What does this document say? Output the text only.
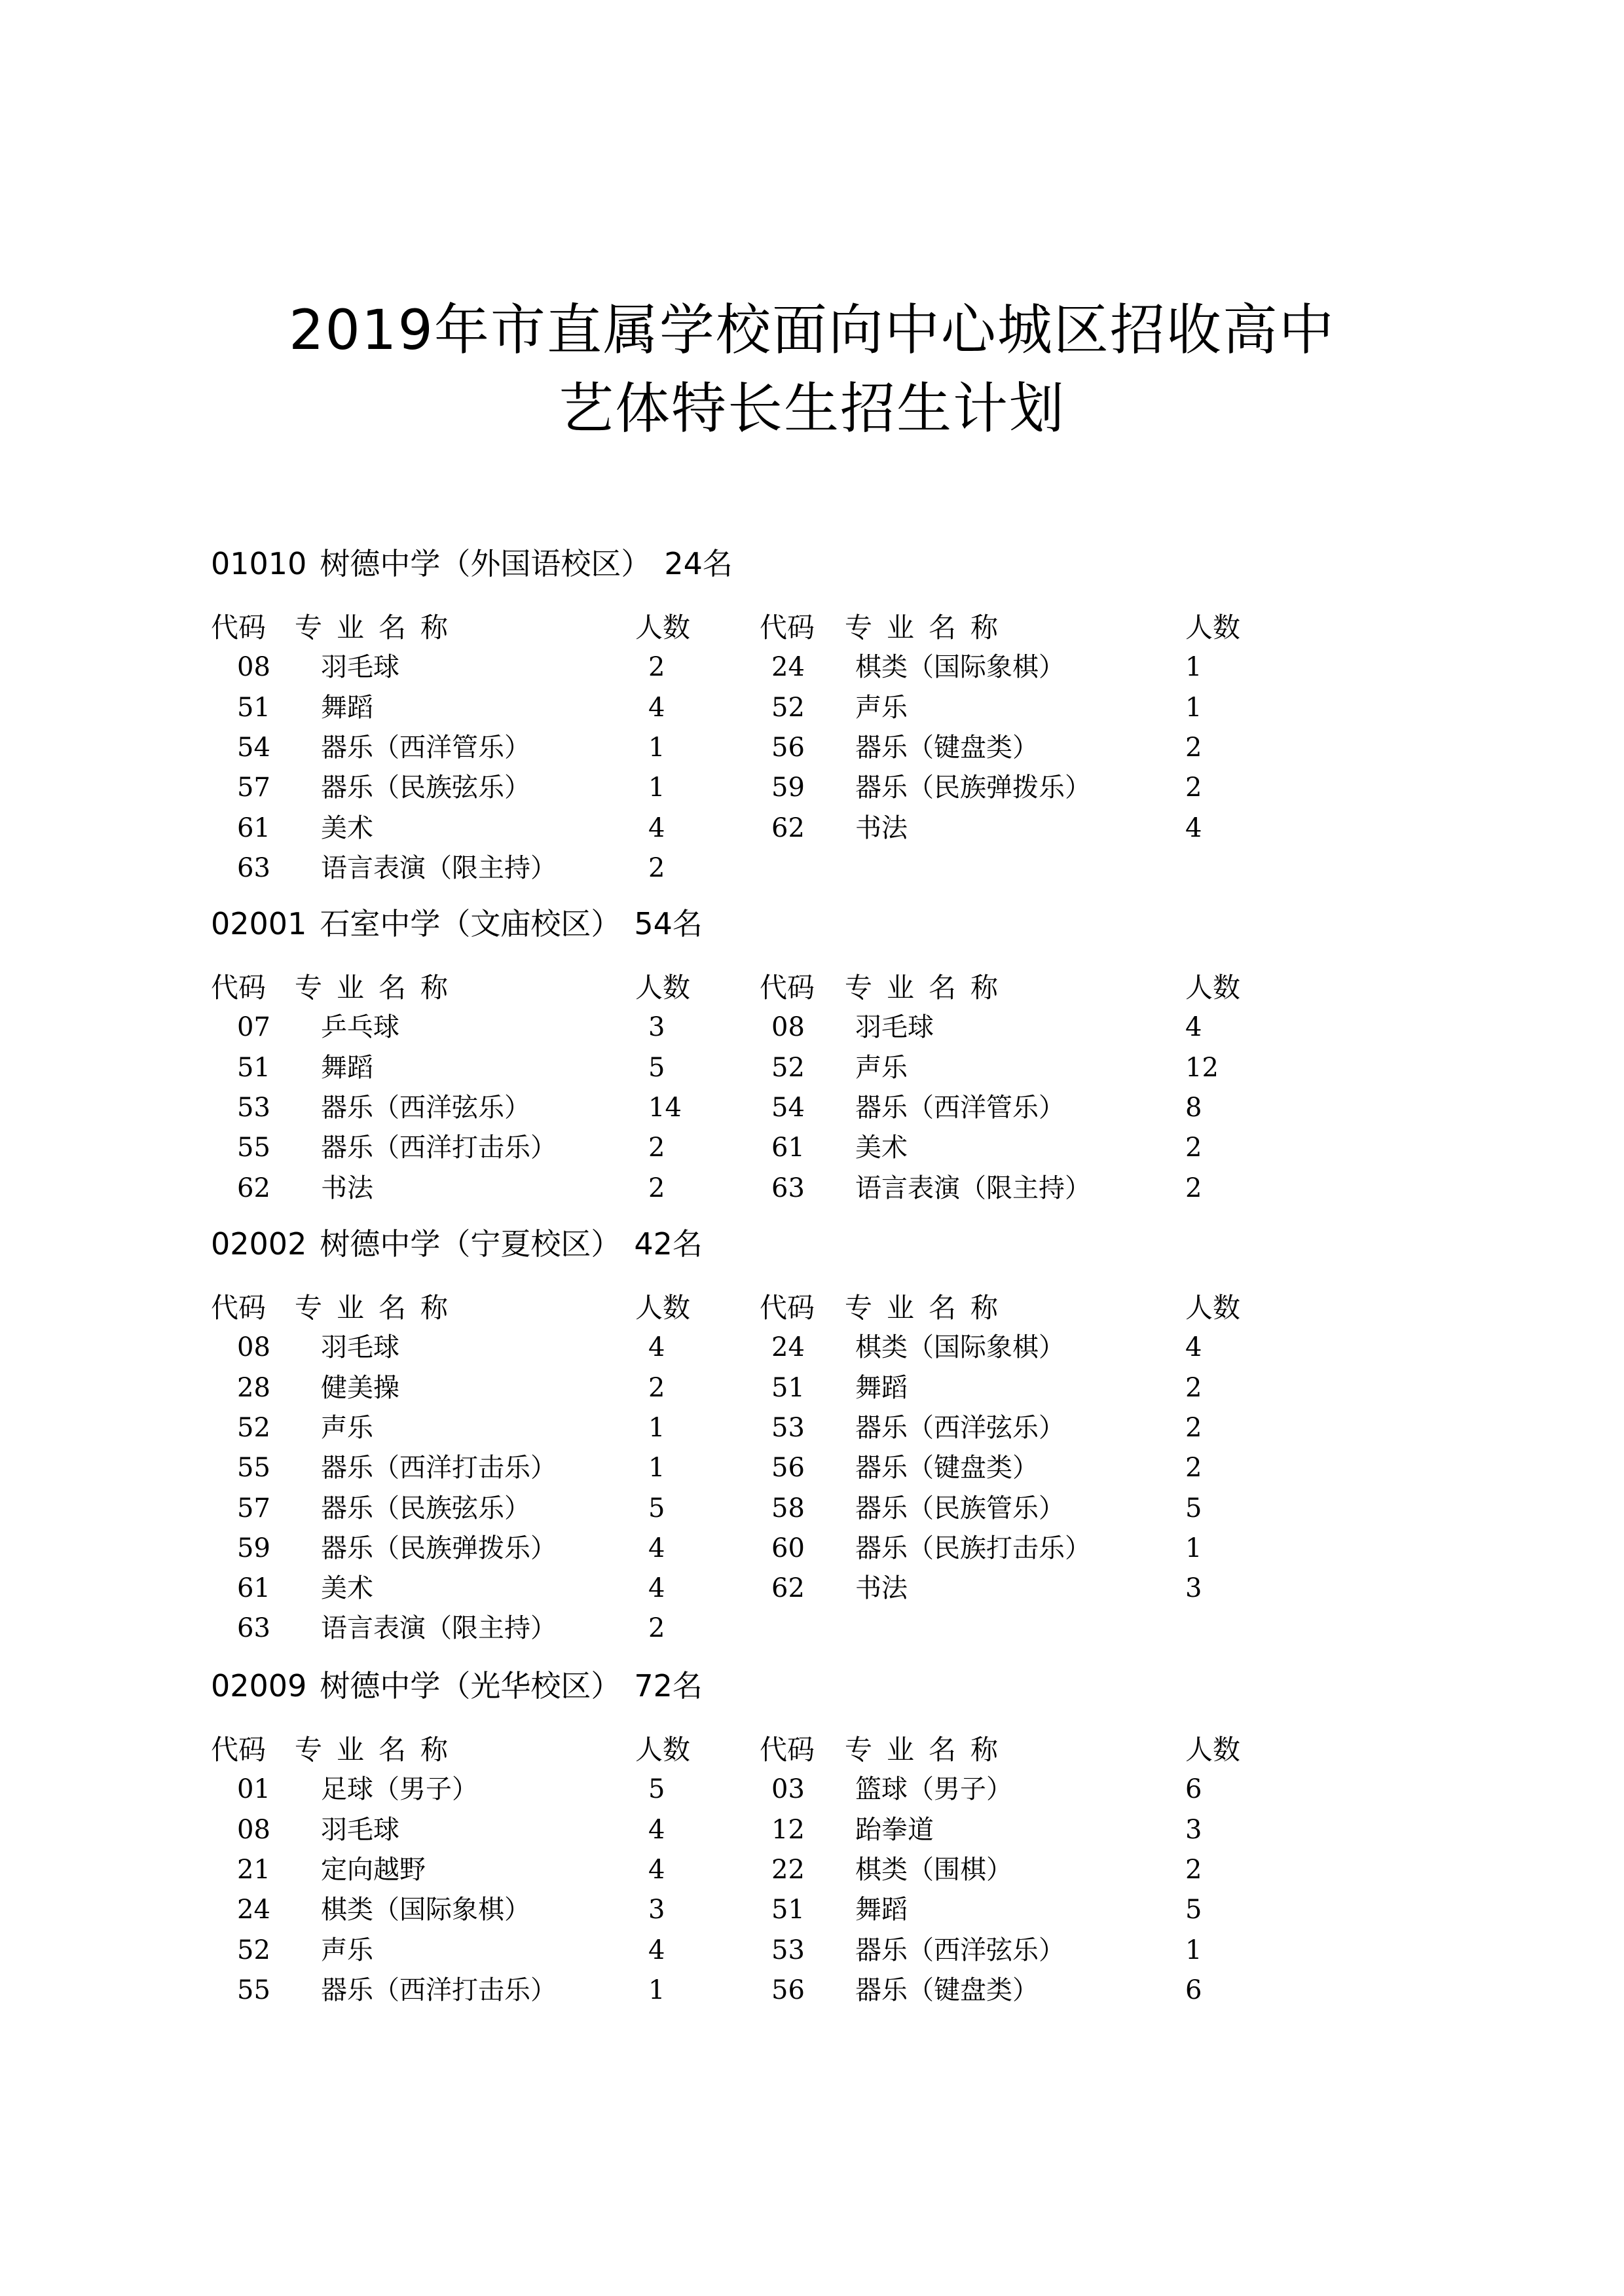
2019年市直属学校面向中心城区招收高中
艺体特长生招生计划
01010 树德中学（外国语校区） 24名
代码 专业名称	人数	代码 专业名称	人数
08 羽毛球	2	24 棋类（国际象棋）	1
51 舞蹈	4	52 声乐	1
54 器乐（西洋管乐）	1	56 器乐（键盘类）	2
57 器乐（民族弦乐）	1	59 器乐（民族弹拨乐）	2
61 美术	4	62 书法	4
63 语言表演（限主持）	2
02001 石室中学（文庙校区） 54名
代码 专业名称	人数	代码 专业名称	人数
07 乒乓球	3	08 羽毛球	4
51 舞蹈	5	52 声乐	12
53 器乐（西洋弦乐）	14	54 器乐（西洋管乐）	8
55 器乐（西洋打击乐）	2	61 美术	2
62 书法	2	63 语言表演（限主持）	2
02002 树德中学（宁夏校区） 42名
代码 专业名称	人数	代码 专业名称	人数
08 羽毛球	4	24 棋类（国际象棋）	4
28 健美操	2	51 舞蹈	2
52 声乐	1	53 器乐（西洋弦乐）	2
55 器乐（西洋打击乐）	1	56 器乐（键盘类）	2
57 器乐（民族弦乐）	5	58 器乐（民族管乐）	5
59 器乐（民族弹拨乐）	4	60 器乐（民族打击乐）	1
61 美术	4	62 书法	3
63 语言表演（限主持）	2
02009 树德中学（光华校区） 72名
代码 专业名称	人数	代码 专业名称	人数
01 足球（男子）	5	03 篮球（男子）	6
08 羽毛球	4	12 跆拳道	3
21 定向越野	4	22 棋类（围棋）	2
24 棋类（国际象棋）	3	51 舞蹈	5
52 声乐	4	53 器乐（西洋弦乐）	1
55 器乐（西洋打击乐）	1	56 器乐（键盘类）	6
